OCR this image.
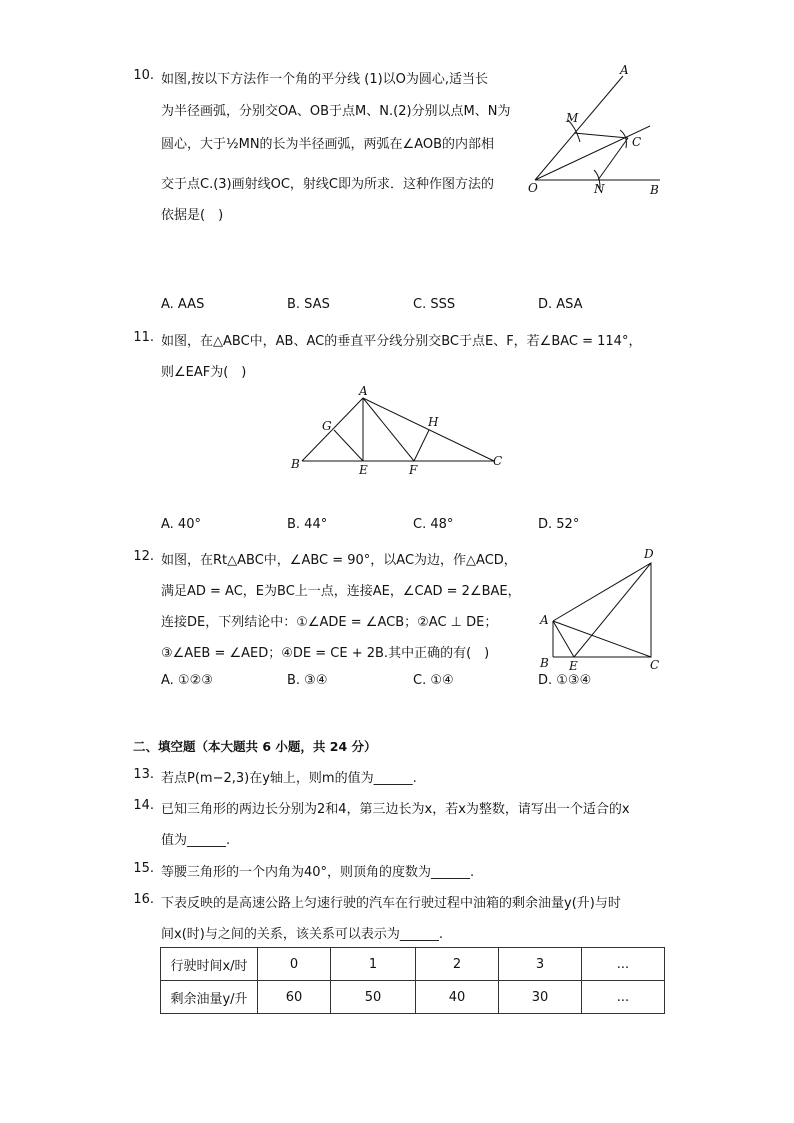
10. 如图,按以下方法作一个角的平分线 (1)以O为圆心,适当长
为半径画弧，分别交OA、OB于点M、N.(2)分别以点M、N为
圆心，大于½MN的长为半径画弧，两弧在∠AOB的内部相
交于点C.(3)画射线OC，射线C即为所求．这种作图方法的
依据是(　)
A
M
C
O	N	B
A. AAS	B. SAS	C. SSS	D. ASA
11. 如图，在△ABC中，AB、AC的垂直平分线分别交BC于点E、F，若∠BAC = 114°，
则∠EAF为(　)
A
G	H
B	E	F
C
A. 40°	B. 44°	C. 48°	D. 52°
12. 如图，在Rt△ABC中，∠ABC = 90°，以AC为边，作△ACD，
满足AD = AC，E为BC上一点，连接AE，∠CAD = 2∠BAE，
连接DE，下列结论中：①∠ADE = ∠ACB；②AC ⊥ DE；
③∠AEB = ∠AED；④DE = CE + 2B.其中正确的有(　)
D
A
B E	C
A. ①②③	B. ③④	C. ①④	D. ①③④
二、填空题（本大题共 6 小题，共 24 分）
13. 若点P(m−2,3)在y轴上，则m的值为______.
14. 已知三角形的两边长分别为2和4，第三边长为x，若x为整数，请写出一个适合的x
值为______.
15. 等腰三角形的一个内角为40°，则顶角的度数为______.
16. 下表反映的是高速公路上匀速行驶的汽车在行驶过程中油箱的剩余油量y(升)与时
间x(时)与之间的关系，该关系可以表示为______.
行驶时间x/时	0	1	2	3	...
剩余油量y/升	60	50	40	30	...
